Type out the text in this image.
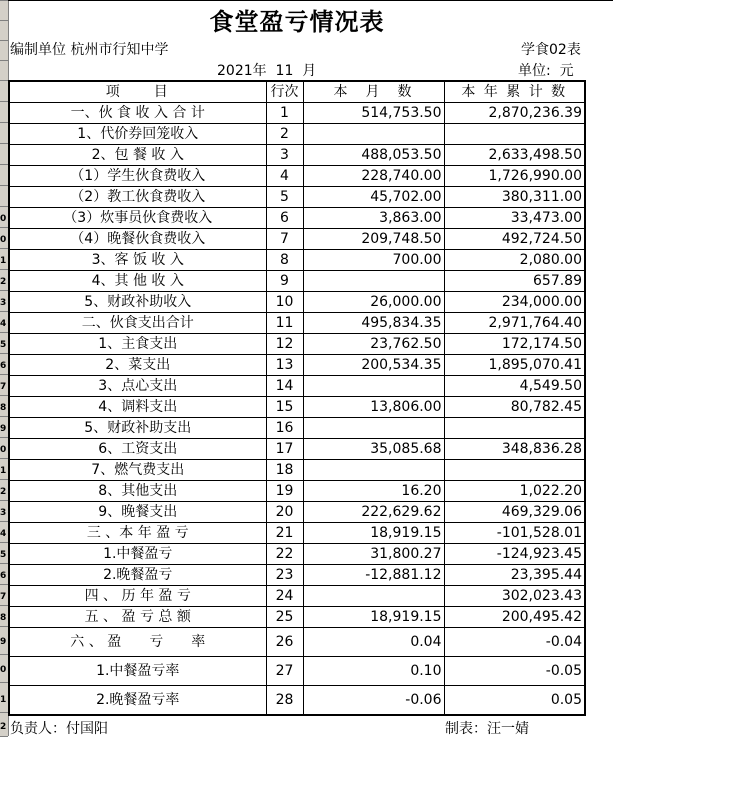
0
0
1
2
3
4
5
6
7
8
9
0
1
2
3
4
5
6
7
8
9
0
1
2
食堂盈亏情况表
编制单位 杭州市行知中学	学食02表
2021年 11 月	单位: 元
项　　目	行次	本　月　数	本 年 累 计 数
一、伙 食 收 入 合 计	1	514,753.50	2,870,236.39
1、代价券回笼收入	2		
2、包 餐 收 入	3	488,053.50	2,633,498.50
（1）学生伙食费收入	4	228,740.00	1,726,990.00
（2）教工伙食费收入	5	45,702.00	380,311.00
（3）炊事员伙食费收入	6	3,863.00	33,473.00
（4）晚餐伙食费收入	7	209,748.50	492,724.50
3、客 饭 收 入	8	700.00	2,080.00
4、其 他 收 入	9		657.89
5、财政补助收入	10	26,000.00	234,000.00
二、伙食支出合计	11	495,834.35	2,971,764.40
1、主食支出	12	23,762.50	172,174.50
2、菜支出	13	200,534.35	1,895,070.41
3、点心支出	14		4,549.50
4、调料支出	15	13,806.00	80,782.45
5、财政补助支出	16		
6、工资支出	17	35,085.68	348,836.28
7、燃气费支出	18		
8、其他支出	19	16.20	1,022.20
9、晚餐支出	20	222,629.62	469,329.06
三 、本 年 盈 亏	21	18,919.15	-101,528.01
1.中餐盈亏	22	31,800.27	-124,923.45
2.晚餐盈亏	23	-12,881.12	23,395.44
四 、 历 年 盈 亏	24		302,023.43
五 、 盈 亏 总 额	25	18,919.15	200,495.42
六 、 盈　　亏　　率	26	0.04	-0.04
1.中餐盈亏率	27	0.10	-0.05
2.晚餐盈亏率	28	-0.06	0.05
负责人：付国阳	制表：汪一婧
